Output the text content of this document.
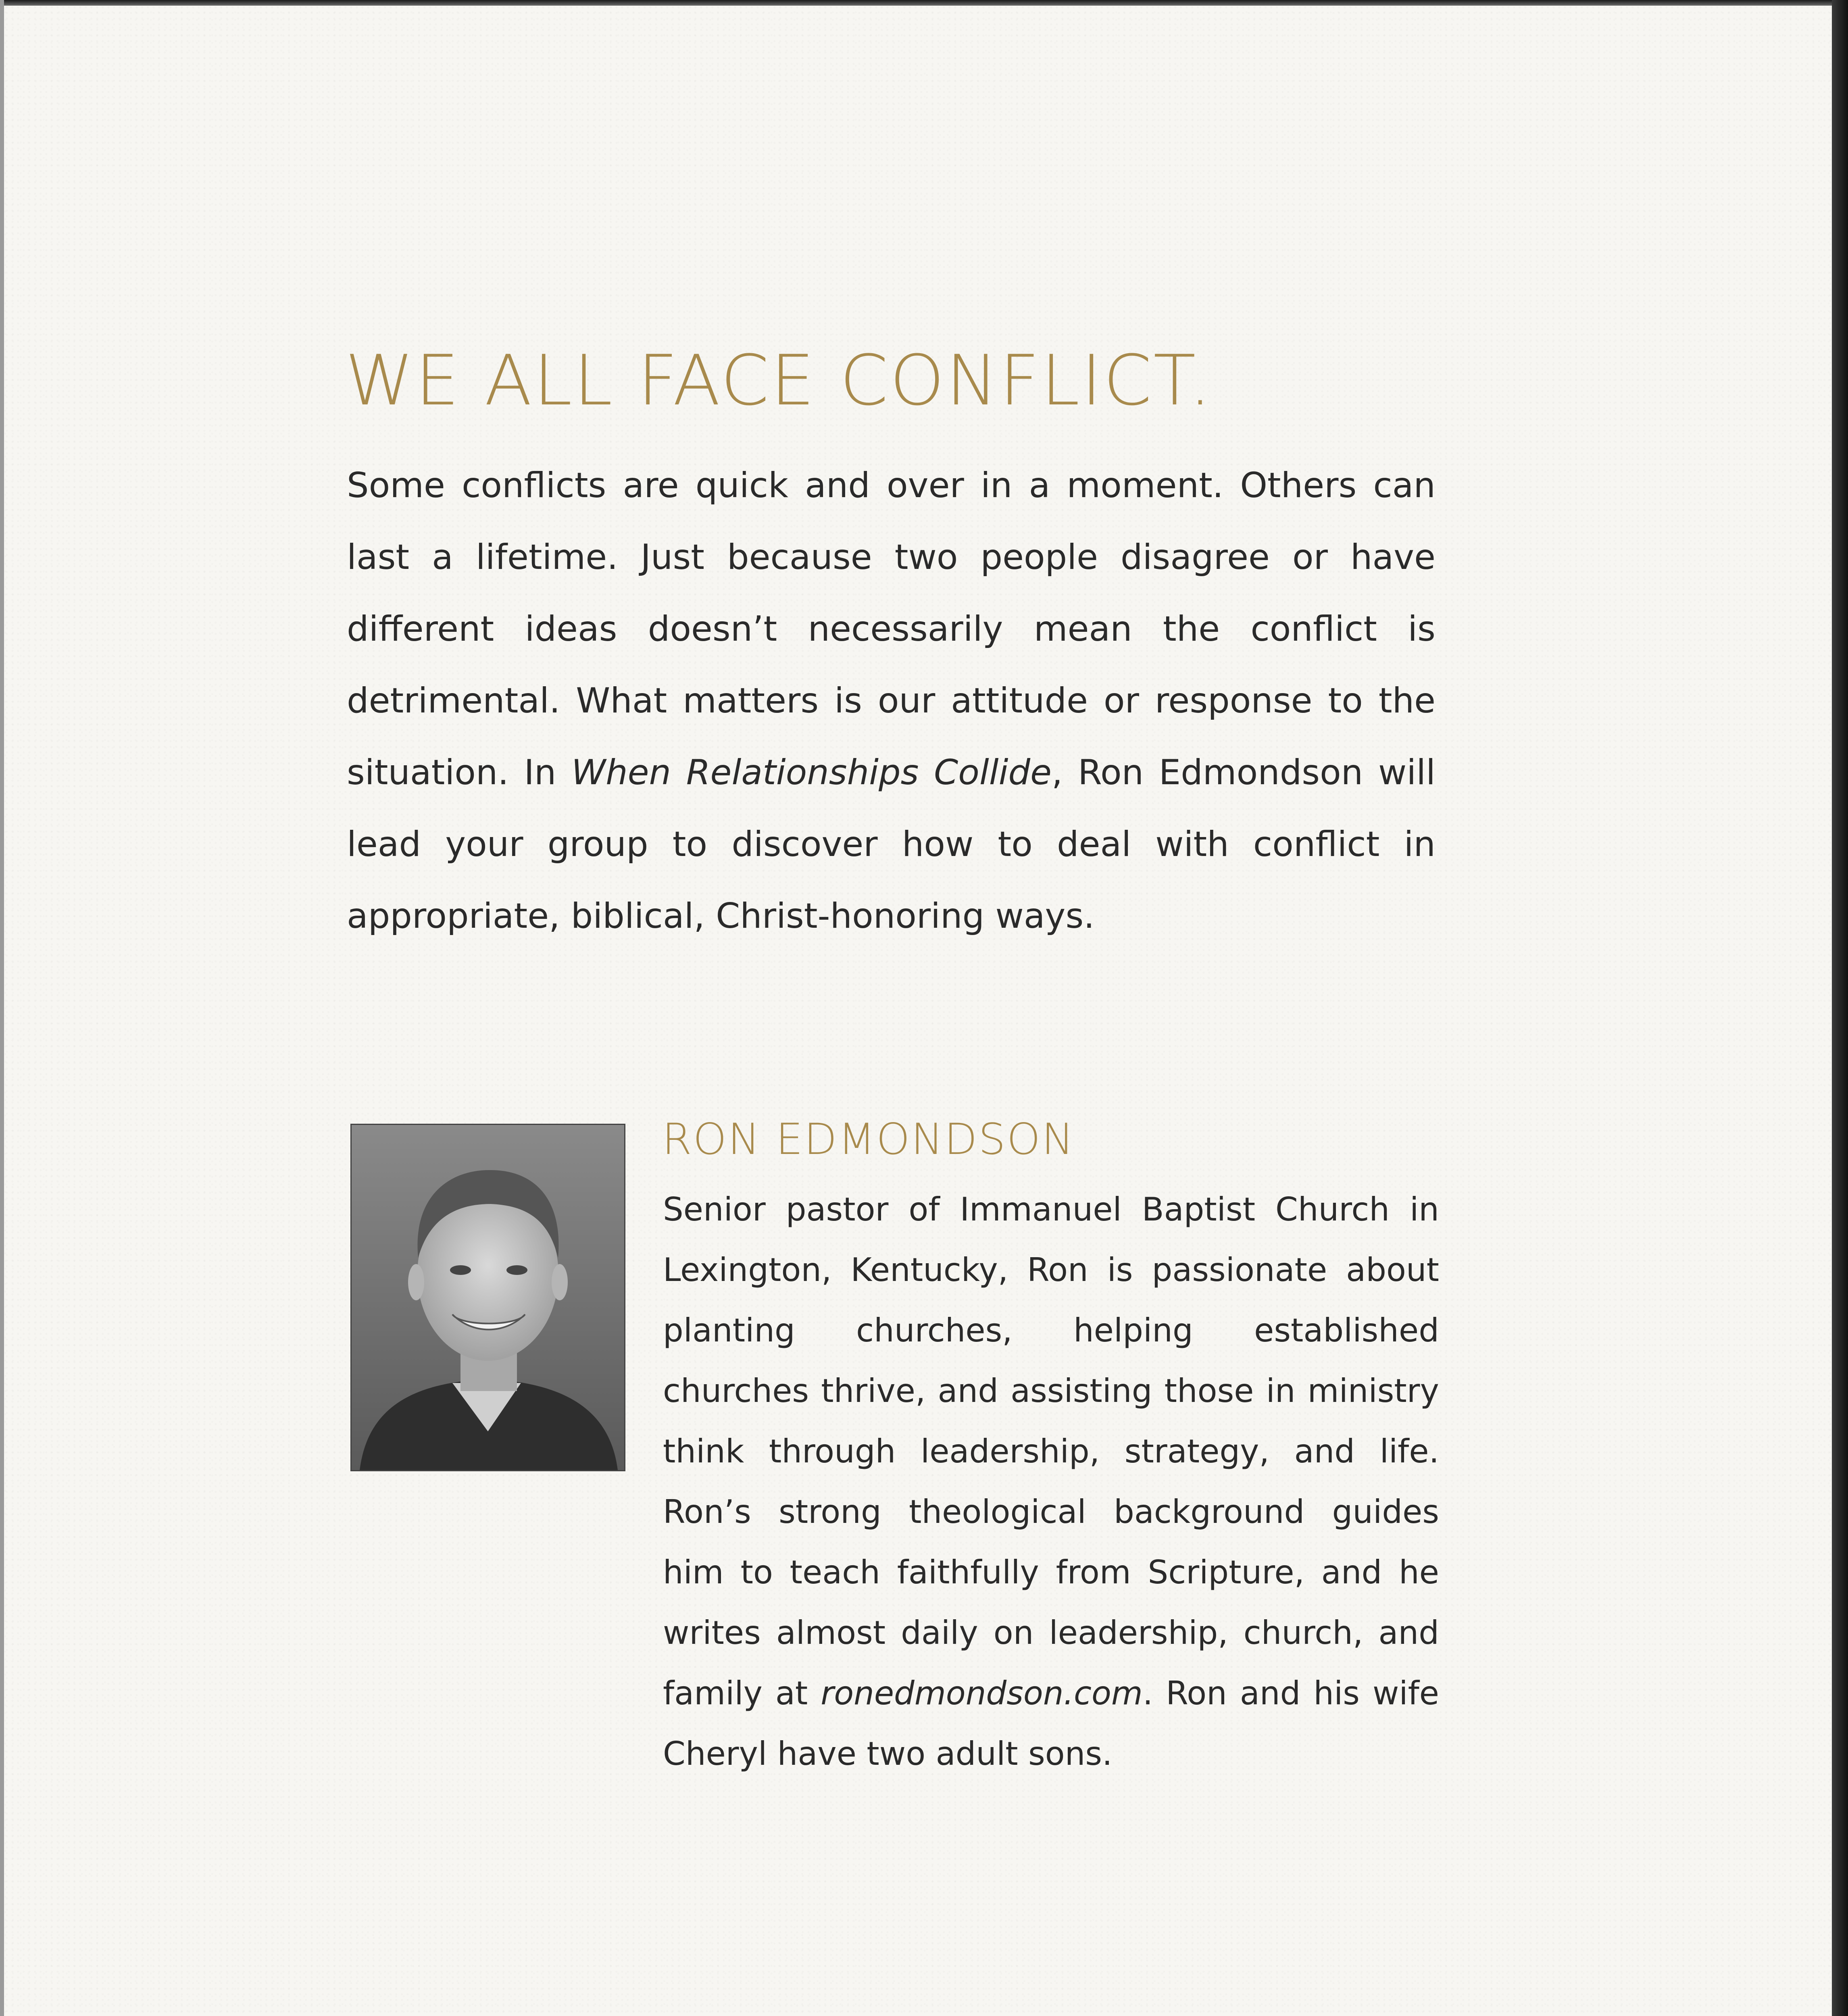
WE ALL FACE CONFLICT.

Some conflicts are quick and over in a moment. Others can last a lifetime. Just because two people disagree or have different ideas doesn’t necessarily mean the conflict is detrimental. What matters is our attitude or response to the situation. In When Relationships Collide, Ron Edmondson will lead your group to discover how to deal with conflict in appropriate, biblical, Christ-honoring ways.

RON EDMONDSON

Senior pastor of Immanuel Baptist Church in Lexington, Kentucky, Ron is passionate about planting churches, helping established churches thrive, and assisting those in ministry think through leadership, strategy, and life. Ron’s strong theological background guides him to teach faithfully from Scripture, and he writes almost daily on leadership, church, and family at ronedmondson.com. Ron and his wife Cheryl have two adult sons.
